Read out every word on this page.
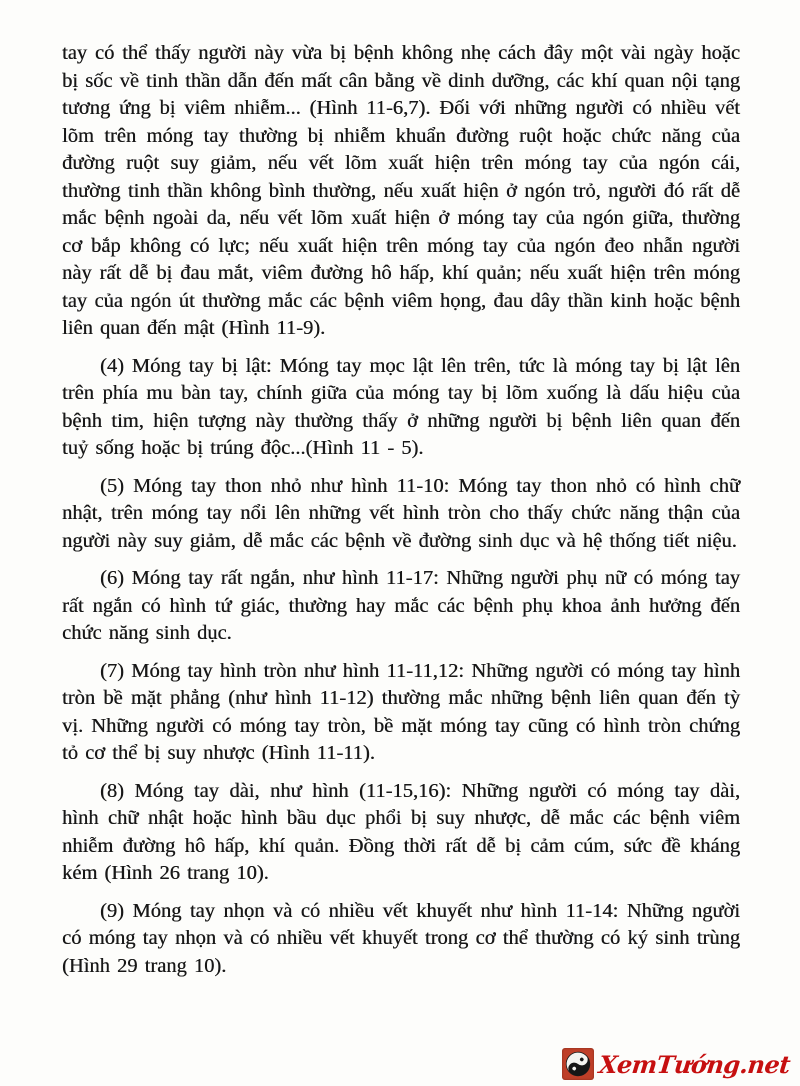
tay có thể thấy người này vừa bị bệnh không nhẹ cách đây một vài ngày hoặc bị sốc về tinh thần dẫn đến mất cân bằng về dinh dưỡng, các khí quan nội tạng tương ứng bị viêm nhiễm... (Hình 11-6,7). Đối với những người có nhiều vết lõm trên móng tay thường bị nhiễm khuẩn đường ruột hoặc chức năng của đường ruột suy giảm, nếu vết lõm xuất hiện trên móng tay của ngón cái, thường tinh thần không bình thường, nếu xuất hiện ở ngón trỏ, người đó rất dễ mắc bệnh ngoài da, nếu vết lõm xuất hiện ở móng tay của ngón giữa, thường cơ bắp không có lực; nếu xuất hiện trên móng tay của ngón đeo nhẫn người này rất dễ bị đau mắt, viêm đường hô hấp, khí quản; nếu xuất hiện trên móng tay của ngón út thường mắc các bệnh viêm họng, đau dây thần kinh hoặc bệnh liên quan đến mật (Hình 11-9).

(4) Móng tay bị lật: Móng tay mọc lật lên trên, tức là móng tay bị lật lên trên phía mu bàn tay, chính giữa của móng tay bị lõm xuống là dấu hiệu của bệnh tim, hiện tượng này thường thấy ở những người bị bệnh liên quan đến tuỷ sống hoặc bị trúng độc...(Hình 11 - 5).

(5) Móng tay thon nhỏ như hình 11-10: Móng tay thon nhỏ có hình chữ nhật, trên móng tay nổi lên những vết hình tròn cho thấy chức năng thận của người này suy giảm, dễ mắc các bệnh về đường sinh dục và hệ thống tiết niệu.

(6) Móng tay rất ngắn, như hình 11-17: Những người phụ nữ có móng tay rất ngắn có hình tứ giác, thường hay mắc các bệnh phụ khoa ảnh hưởng đến chức năng sinh dục.

(7) Móng tay hình tròn như hình 11-11,12: Những người có móng tay hình tròn bề mặt phẳng (như hình 11-12) thường mắc những bệnh liên quan đến tỳ vị. Những người có móng tay tròn, bề mặt móng tay cũng có hình tròn chứng tỏ cơ thể bị suy nhược (Hình 11-11).

(8) Móng tay dài, như hình (11-15,16): Những người có móng tay dài, hình chữ nhật hoặc hình bầu dục phổi bị suy nhược, dễ mắc các bệnh viêm nhiễm đường hô hấp, khí quản. Đồng thời rất dễ bị cảm cúm, sức đề kháng kém (Hình 26 trang 10).

(9) Móng tay nhọn và có nhiều vết khuyết như hình 11-14: Những người có móng tay nhọn và có nhiều vết khuyết trong cơ thể thường có ký sinh trùng (Hình 29 trang 10).

XemTướng.net
